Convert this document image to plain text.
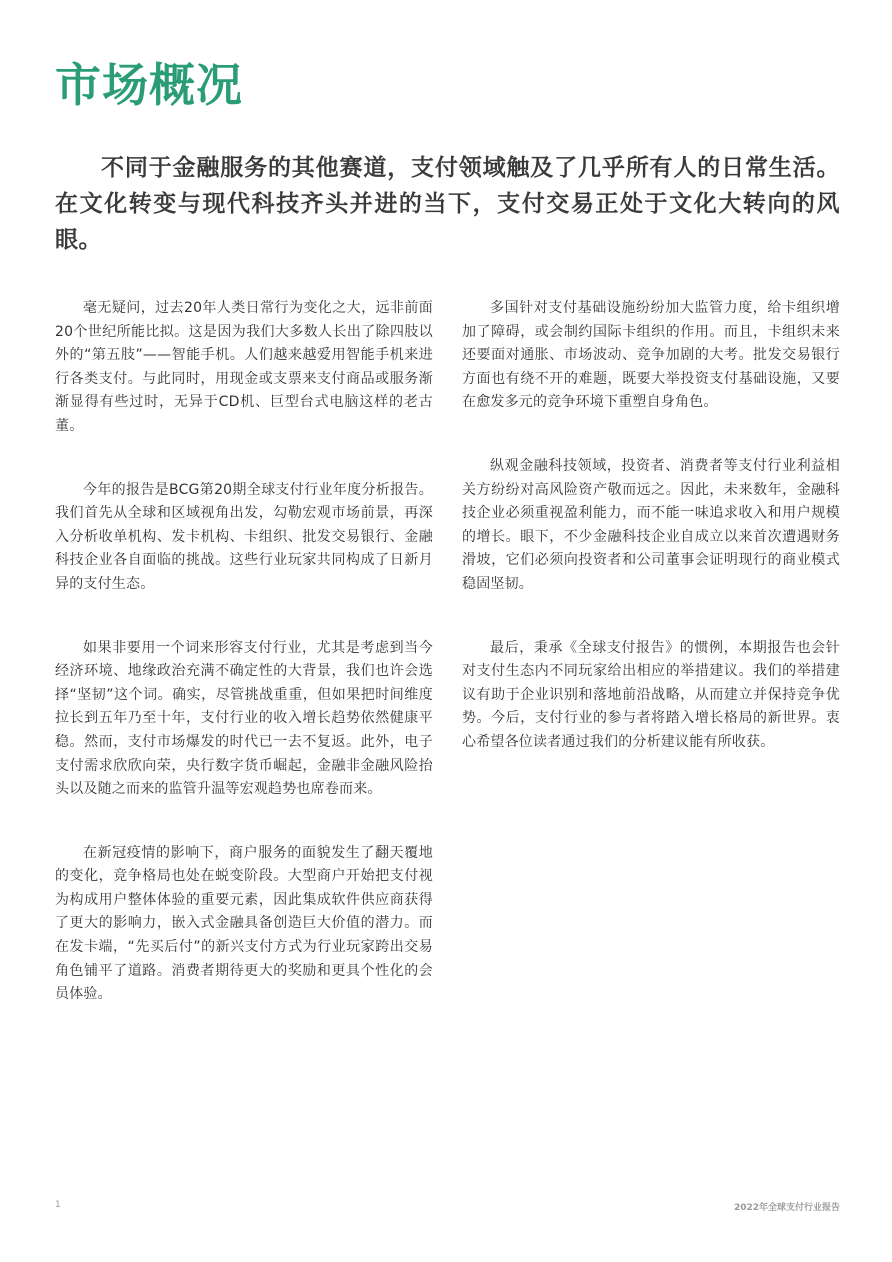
市场概况

不同于金融服务的其他赛道，支付领域触及了几乎所有人的日常生活。在文化转变与现代科技齐头并进的当下，支付交易正处于文化大转向的风眼。

毫无疑问，过去20年人类日常行为变化之大，远非前面20个世纪所能比拟。这是因为我们大多数人长出了除四肢以外的“第五肢”——智能手机。人们越来越爱用智能手机来进行各类支付。与此同时，用现金或支票来支付商品或服务渐渐显得有些过时，无异于CD机、巨型台式电脑这样的老古董。

今年的报告是BCG第20期全球支付行业年度分析报告。我们首先从全球和区域视角出发，勾勒宏观市场前景，再深入分析收单机构、发卡机构、卡组织、批发交易银行、金融科技企业各自面临的挑战。这些行业玩家共同构成了日新月异的支付生态。

如果非要用一个词来形容支付行业，尤其是考虑到当今经济环境、地缘政治充满不确定性的大背景，我们也许会选择“坚韧”这个词。确实，尽管挑战重重，但如果把时间维度拉长到五年乃至十年，支付行业的收入增长趋势依然健康平稳。然而，支付市场爆发的时代已一去不复返。此外，电子支付需求欣欣向荣，央行数字货币崛起，金融非金融风险抬头以及随之而来的监管升温等宏观趋势也席卷而来。

在新冠疫情的影响下，商户服务的面貌发生了翻天覆地的变化，竞争格局也处在蜕变阶段。大型商户开始把支付视为构成用户整体体验的重要元素，因此集成软件供应商获得了更大的影响力，嵌入式金融具备创造巨大价值的潜力。而在发卡端，“先买后付”的新兴支付方式为行业玩家跨出交易角色铺平了道路。消费者期待更大的奖励和更具个性化的会员体验。

多国针对支付基础设施纷纷加大监管力度，给卡组织增加了障碍，或会制约国际卡组织的作用。而且，卡组织未来还要面对通胀、市场波动、竞争加剧的大考。批发交易银行方面也有绕不开的难题，既要大举投资支付基础设施，又要在愈发多元的竞争环境下重塑自身角色。

纵观金融科技领域，投资者、消费者等支付行业利益相关方纷纷对高风险资产敬而远之。因此，未来数年，金融科技企业必须重视盈利能力，而不能一味追求收入和用户规模的增长。眼下，不少金融科技企业自成立以来首次遭遇财务滑坡，它们必须向投资者和公司董事会证明现行的商业模式稳固坚韧。

最后，秉承《全球支付报告》的惯例，本期报告也会针对支付生态内不同玩家给出相应的举措建议。我们的举措建议有助于企业识别和落地前沿战略，从而建立并保持竞争优势。今后，支付行业的参与者将踏入增长格局的新世界。衷心希望各位读者通过我们的分析建议能有所收获。

1	2022年全球支付行业报告
